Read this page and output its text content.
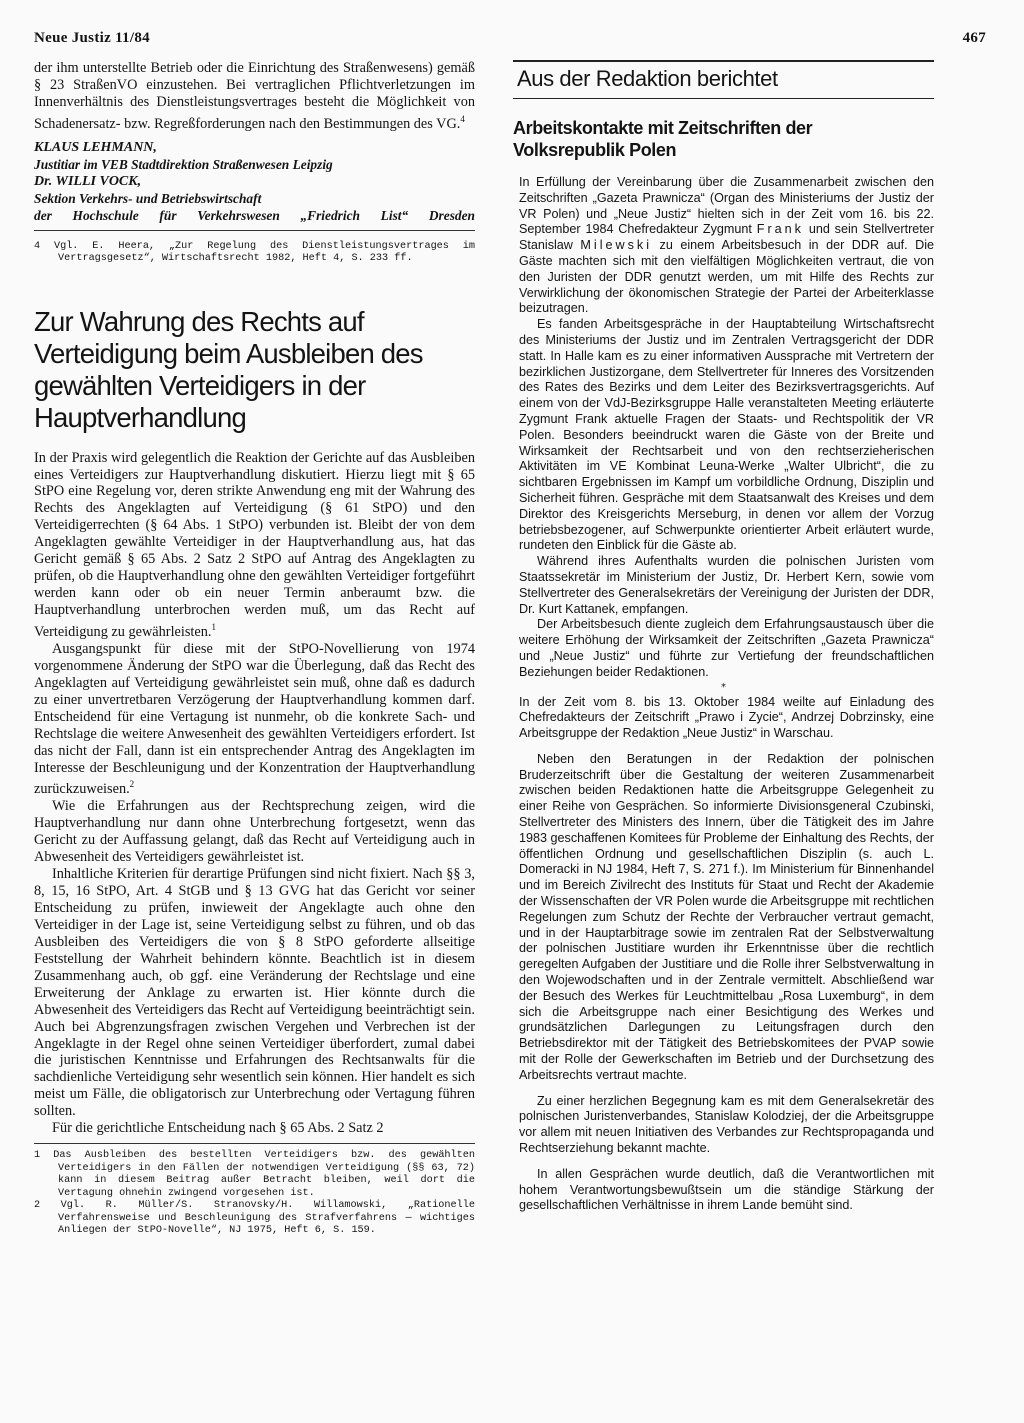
Neue Justiz 11/84	467

der ihm unterstellte Betrieb oder die Einrichtung des Straßenwesens) gemäß § 23 StraßenVO einzustehen. Bei vertraglichen Pflichtverletzungen im Innenverhältnis des Dienstleistungsvertrages besteht die Möglichkeit von Schadenersatz- bzw. Regreßforderungen nach den Bestimmungen des VG.$^4$

KLAUS LEHMANN,

Justitiar im VEB Stadtdirektion Straßenwesen Leipzig

Dr. WILLI VOCK,

Sektion Verkehrs- und Betriebswirtschaft

der Hochschule für Verkehrswesen „Friedrich List“ Dresden

4 Vgl. E. Heera, „Zur Regelung des Dienstleistungsvertrages im Vertragsgesetz“, Wirtschaftsrecht 1982, Heft 4, S. 233 ff.

Zur Wahrung des Rechts auf Verteidigung beim Ausbleiben des gewählten Verteidigers in der Hauptverhandlung

In der Praxis wird gelegentlich die Reaktion der Gerichte auf das Ausbleiben eines Verteidigers zur Hauptverhandlung diskutiert. Hierzu liegt mit § 65 StPO eine Regelung vor, deren strikte Anwendung eng mit der Wahrung des Rechts des Angeklagten auf Verteidigung (§ 61 StPO) und den Verteidigerrechten (§ 64 Abs. 1 StPO) verbunden ist. Bleibt der von dem Angeklagten gewählte Verteidiger in der Hauptverhandlung aus, hat das Gericht gemäß § 65 Abs. 2 Satz 2 StPO auf Antrag des Angeklagten zu prüfen, ob die Hauptverhandlung ohne den gewählten Verteidiger fortgeführt werden kann oder ob ein neuer Termin anberaumt bzw. die Hauptverhandlung unterbrochen werden muß, um das Recht auf Verteidigung zu gewährleisten.$^1$

Ausgangspunkt für diese mit der StPO-Novellierung von 1974 vorgenommene Änderung der StPO war die Überlegung, daß das Recht des Angeklagten auf Verteidigung gewährleistet sein muß, ohne daß es dadurch zu einer unvertretbaren Verzögerung der Hauptverhandlung kommen darf. Entscheidend für eine Vertagung ist nunmehr, ob die konkrete Sach- und Rechtslage die weitere Anwesenheit des gewählten Verteidigers erfordert. Ist das nicht der Fall, dann ist ein entsprechender Antrag des Angeklagten im Interesse der Beschleunigung und der Konzentration der Hauptverhandlung zurückzuweisen.$^2$

Wie die Erfahrungen aus der Rechtsprechung zeigen, wird die Hauptverhandlung nur dann ohne Unterbrechung fortgesetzt, wenn das Gericht zu der Auffassung gelangt, daß das Recht auf Verteidigung auch in Abwesenheit des Verteidigers gewährleistet ist.

Inhaltliche Kriterien für derartige Prüfungen sind nicht fixiert. Nach §§ 3, 8, 15, 16 StPO, Art. 4 StGB und § 13 GVG hat das Gericht vor seiner Entscheidung zu prüfen, inwieweit der Angeklagte auch ohne den Verteidiger in der Lage ist, seine Verteidigung selbst zu führen, und ob das Ausbleiben des Verteidigers die von § 8 StPO geforderte allseitige Feststellung der Wahrheit behindern könnte. Beachtlich ist in diesem Zusammenhang auch, ob ggf. eine Veränderung der Rechtslage und eine Erweiterung der Anklage zu erwarten ist. Hier könnte durch die Abwesenheit des Verteidigers das Recht auf Verteidigung beeinträchtigt sein. Auch bei Abgrenzungsfragen zwischen Vergehen und Verbrechen ist der Angeklagte in der Regel ohne seinen Verteidiger überfordert, zumal dabei die juristischen Kenntnisse und Erfahrungen des Rechtsanwalts für die sachdienliche Verteidigung sehr wesentlich sein können. Hier handelt es sich meist um Fälle, die obligatorisch zur Unterbrechung oder Vertagung führen sollten.

Für die gerichtliche Entscheidung nach § 65 Abs. 2 Satz 2

1 Das Ausbleiben des bestellten Verteidigers bzw. des gewählten Verteidigers in den Fällen der notwendigen Verteidigung (§§ 63, 72) kann in diesem Beitrag außer Betracht bleiben, weil dort die Vertagung ohnehin zwingend vorgesehen ist.

2 Vgl. R. Müller/S. Stranovsky/H. Willamowski, „Rationelle Verfahrensweise und Beschleunigung des Strafverfahrens — wichtiges Anliegen der StPO-Novelle“, NJ 1975, Heft 6, S. 159.

Aus der Redaktion berichtet
Arbeitskontakte mit Zeitschriften der Volksrepublik Polen

In Erfüllung der Vereinbarung über die Zusammenarbeit zwischen den Zeitschriften „Gazeta Prawnicza“ (Organ des Ministeriums der Justiz der VR Polen) und „Neue Justiz“ hielten sich in der Zeit vom 16. bis 22. September 1984 Chefredakteur Zygmunt Frank und sein Stellvertreter Stanislaw Milewski zu einem Arbeitsbesuch in der DDR auf. Die Gäste machten sich mit den vielfältigen Möglichkeiten vertraut, die von den Juristen der DDR genutzt werden, um mit Hilfe des Rechts zur Verwirklichung der ökonomischen Strategie der Partei der Arbeiterklasse beizutragen.

Es fanden Arbeitsgespräche in der Hauptabteilung Wirtschaftsrecht des Ministeriums der Justiz und im Zentralen Vertragsgericht der DDR statt. In Halle kam es zu einer informativen Aussprache mit Vertretern der bezirklichen Justizorgane, dem Stellvertreter für Inneres des Vorsitzenden des Rates des Bezirks und dem Leiter des Bezirksvertragsgerichts. Auf einem von der VdJ-Bezirksgruppe Halle veranstalteten Meeting erläuterte Zygmunt Frank aktuelle Fragen der Staats- und Rechtspolitik der VR Polen. Besonders beeindruckt waren die Gäste von der Breite und Wirksamkeit der Rechtsarbeit und von den rechtserzieherischen Aktivitäten im VE Kombinat Leuna-Werke „Walter Ulbricht“, die zu sichtbaren Ergebnissen im Kampf um vorbildliche Ordnung, Disziplin und Sicherheit führen. Gespräche mit dem Staatsanwalt des Kreises und dem Direktor des Kreisgerichts Merseburg, in denen vor allem der Vorzug betriebsbezogener, auf Schwerpunkte orientierter Arbeit erläutert wurde, rundeten den Einblick für die Gäste ab.

Während ihres Aufenthalts wurden die polnischen Juristen vom Staatssekretär im Ministerium der Justiz, Dr. Herbert Kern, sowie vom Stellvertreter des Generalsekretärs der Vereinigung der Juristen der DDR, Dr. Kurt Kattanek, empfangen.

Der Arbeitsbesuch diente zugleich dem Erfahrungsaustausch über die weitere Erhöhung der Wirksamkeit der Zeitschriften „Gazeta Prawnicza“ und „Neue Justiz“ und führte zur Vertiefung der freundschaftlichen Beziehungen beider Redaktionen.

*

In der Zeit vom 8. bis 13. Oktober 1984 weilte auf Einladung des Chefredakteurs der Zeitschrift „Prawo i Zycie“, Andrzej Dobrzinsky, eine Arbeitsgruppe der Redaktion „Neue Justiz“ in Warschau.

Neben den Beratungen in der Redaktion der polnischen Bruderzeitschrift über die Gestaltung der weiteren Zusammenarbeit zwischen beiden Redaktionen hatte die Arbeitsgruppe Gelegenheit zu einer Reihe von Gesprächen. So informierte Divisionsgeneral Czubinski, Stellvertreter des Ministers des Innern, über die Tätigkeit des im Jahre 1983 geschaffenen Komitees für Probleme der Einhaltung des Rechts, der öffentlichen Ordnung und gesellschaftlichen Disziplin (s. auch L. Domeracki in NJ 1984, Heft 7, S. 271 f.). Im Ministerium für Binnenhandel und im Bereich Zivilrecht des Instituts für Staat und Recht der Akademie der Wissenschaften der VR Polen wurde die Arbeitsgruppe mit rechtlichen Regelungen zum Schutz der Rechte der Verbraucher vertraut gemacht, und in der Hauptarbitrage sowie im zentralen Rat der Selbstverwaltung der polnischen Justitiare wurden ihr Erkenntnisse über die rechtlich geregelten Aufgaben der Justitiare und die Rolle ihrer Selbstverwaltung in den Wojewodschaften und in der Zentrale vermittelt. Abschließend war der Besuch des Werkes für Leuchtmittelbau „Rosa Luxemburg“, in dem sich die Arbeitsgruppe nach einer Besichtigung des Werkes und grundsätzlichen Darlegungen zu Leitungsfragen durch den Betriebsdirektor mit der Tätigkeit des Betriebskomitees der PVAP sowie mit der Rolle der Gewerkschaften im Betrieb und der Durchsetzung des Arbeitsrechts vertraut machte.

Zu einer herzlichen Begegnung kam es mit dem Generalsekretär des polnischen Juristenverbandes, Stanislaw Kolodziej, der die Arbeitsgruppe vor allem mit neuen Initiativen des Verbandes zur Rechtspropaganda und Rechtserziehung bekannt machte.

In allen Gesprächen wurde deutlich, daß die Verantwortlichen mit hohem Verantwortungsbewußtsein um die ständige Stärkung der gesellschaftlichen Verhältnisse in ihrem Lande bemüht sind.
